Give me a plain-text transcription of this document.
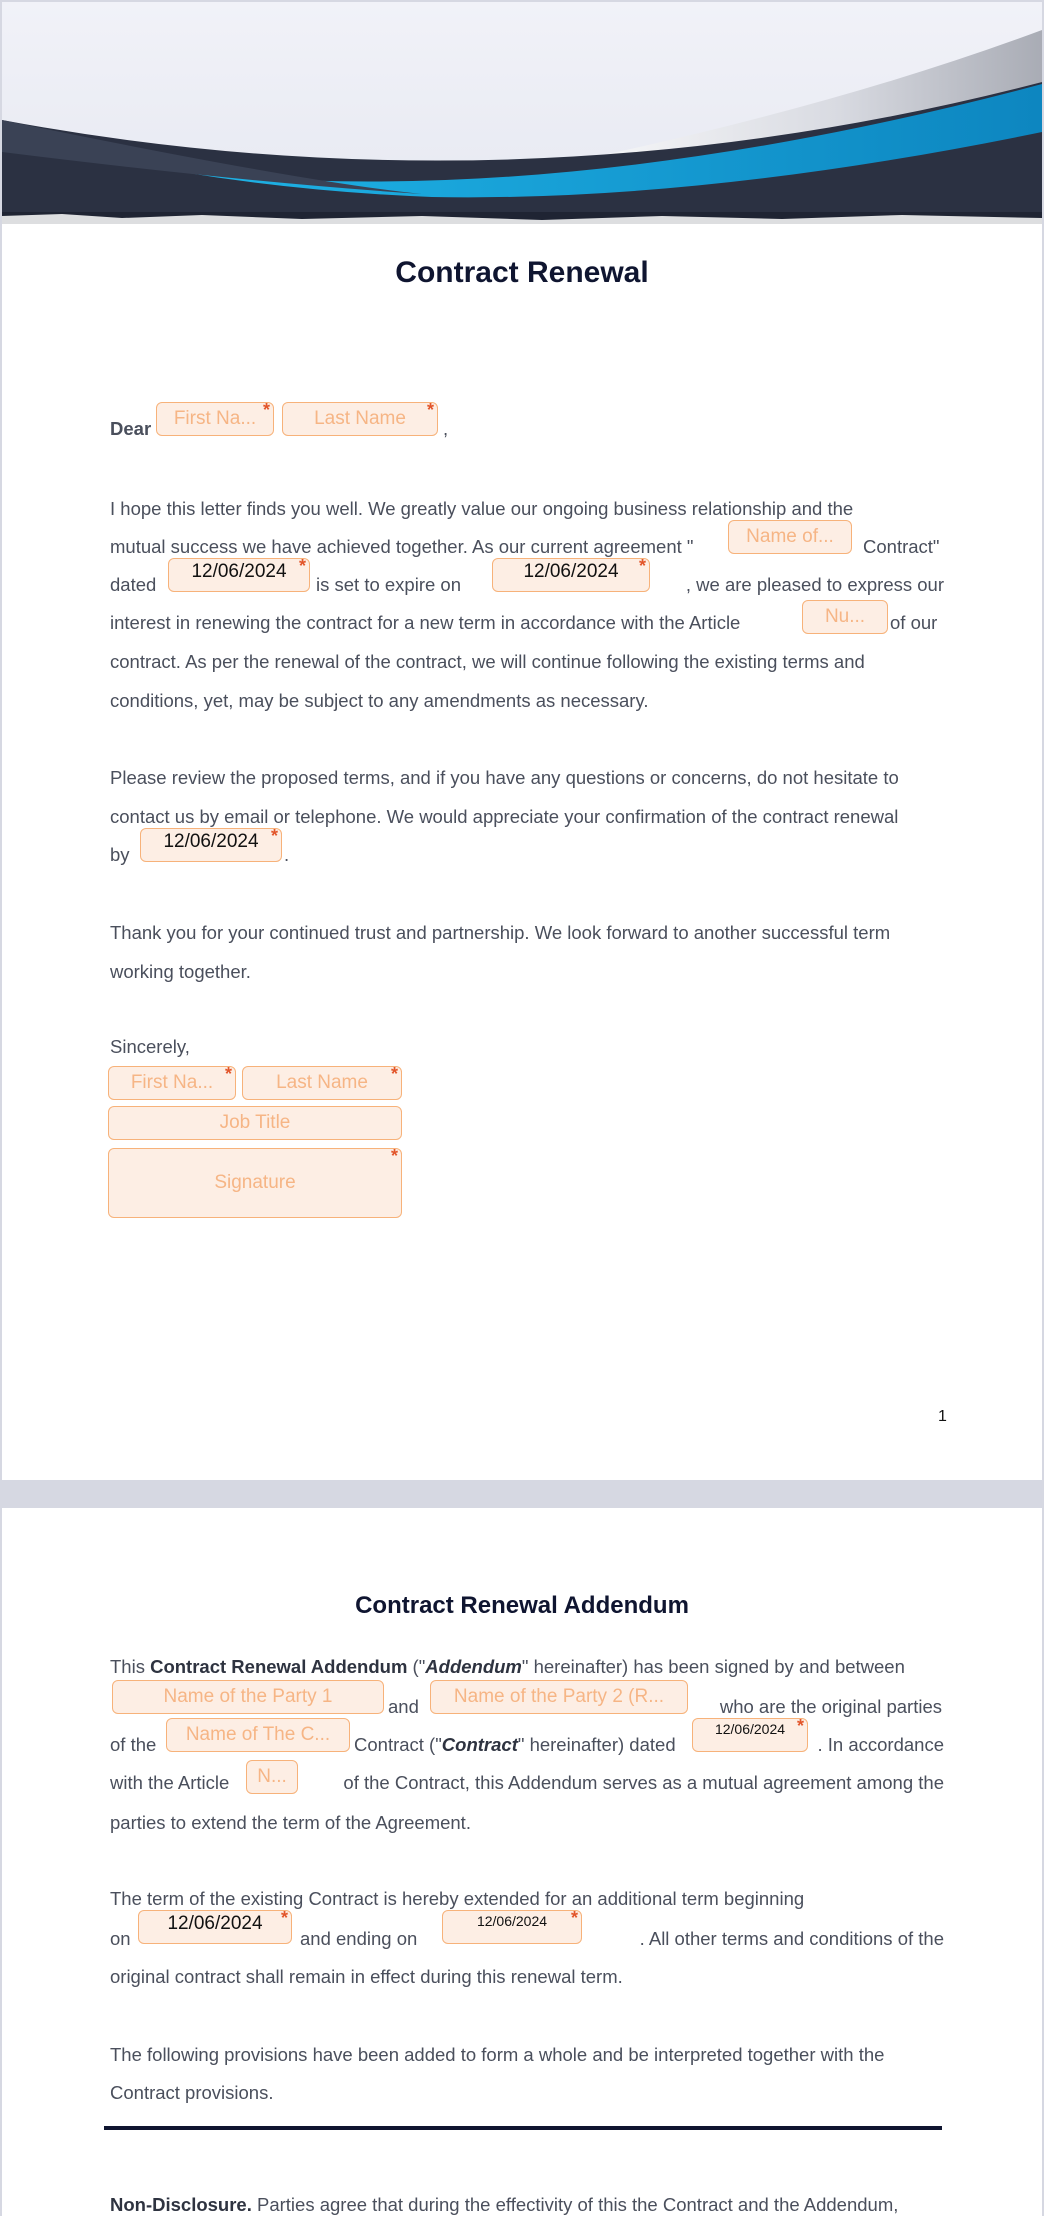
Contract Renewal
Dear	First Na... * Last Name *
,
I hope this letter finds you well. We greatly value our ongoing business relationship and the
mutual success we have achieved together. As our current agreement "	Name of... Contract"
dated
12/06/2024 *
is set to expire on
12/06/2024 *
, we are pleased to express our
interest in renewing the contract for a new term in accordance with the Article	Nu... of our
contract. As per the renewal of the contract, we will continue following the existing terms and
conditions, yet, may be subject to any amendments as necessary.
Please review the proposed terms, and if you have any questions or concerns, do not hesitate to
contact us by email or telephone. We would appreciate your confirmation of the contract renewal
by
12/06/2024 *
.
Thank you for your continued trust and partnership. We look forward to another successful term
working together.
Sincerely,
First Na... * Last Name *
Job Title
Signature
*
1
Contract Renewal Addendum
This Contract Renewal Addendum ("Addendum" hereinafter) has been signed by and between
Name of the Party 1	and	Name of the Party 2 (R...	who are the original parties
of the	Name of The C... Contract ("Contract" hereinafter) dated
12/06/2024 *
. In accordance
with the Article	N...	of the Contract, this Addendum serves as a mutual agreement among the
parties to extend the term of the Agreement.
The term of the existing Contract is hereby extended for an additional term beginning
on
12/06/2024 *
and ending on
12/06/2024 *
. All other terms and conditions of the
original contract shall remain in effect during this renewal term.
The following provisions have been added to form a whole and be interpreted together with the
Contract provisions.
Non-Disclosure. Parties agree that during the effectivity of this the Contract and the Addendum,
